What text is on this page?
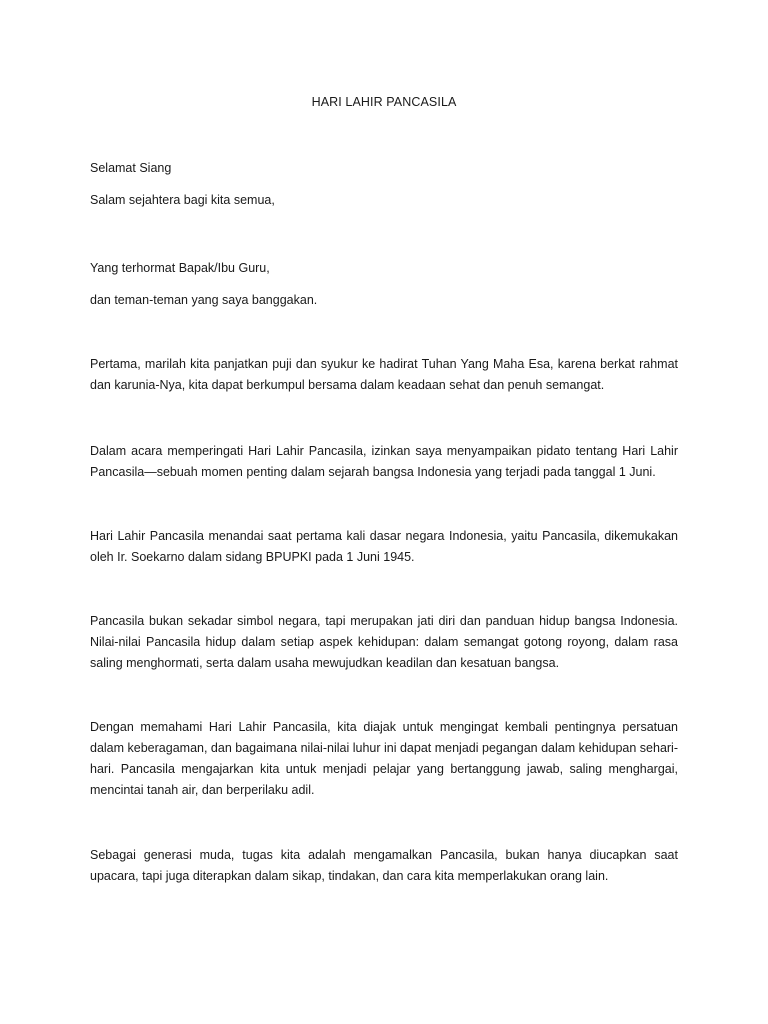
HARI LAHIR PANCASILA
Selamat Siang
Salam sejahtera bagi kita semua,
Yang terhormat Bapak/Ibu Guru,
dan teman-teman yang saya banggakan.
Pertama, marilah kita panjatkan puji dan syukur ke hadirat Tuhan Yang Maha Esa, karena berkat rahmat dan karunia-Nya, kita dapat berkumpul bersama dalam keadaan sehat dan penuh semangat.
Dalam acara memperingati Hari Lahir Pancasila, izinkan saya menyampaikan pidato tentang Hari Lahir Pancasila—sebuah momen penting dalam sejarah bangsa Indonesia yang terjadi pada tanggal 1 Juni.
Hari Lahir Pancasila menandai saat pertama kali dasar negara Indonesia, yaitu Pancasila, dikemukakan oleh Ir. Soekarno dalam sidang BPUPKI pada 1 Juni 1945.
Pancasila bukan sekadar simbol negara, tapi merupakan jati diri dan panduan hidup bangsa Indonesia. Nilai-nilai Pancasila hidup dalam setiap aspek kehidupan: dalam semangat gotong royong, dalam rasa saling menghormati, serta dalam usaha mewujudkan keadilan dan kesatuan bangsa.
Dengan memahami Hari Lahir Pancasila, kita diajak untuk mengingat kembali pentingnya persatuan dalam keberagaman, dan bagaimana nilai-nilai luhur ini dapat menjadi pegangan dalam kehidupan sehari-hari. Pancasila mengajarkan kita untuk menjadi pelajar yang bertanggung jawab, saling menghargai, mencintai tanah air, dan berperilaku adil.
Sebagai generasi muda, tugas kita adalah mengamalkan Pancasila, bukan hanya diucapkan saat upacara, tapi juga diterapkan dalam sikap, tindakan, dan cara kita memperlakukan orang lain.
